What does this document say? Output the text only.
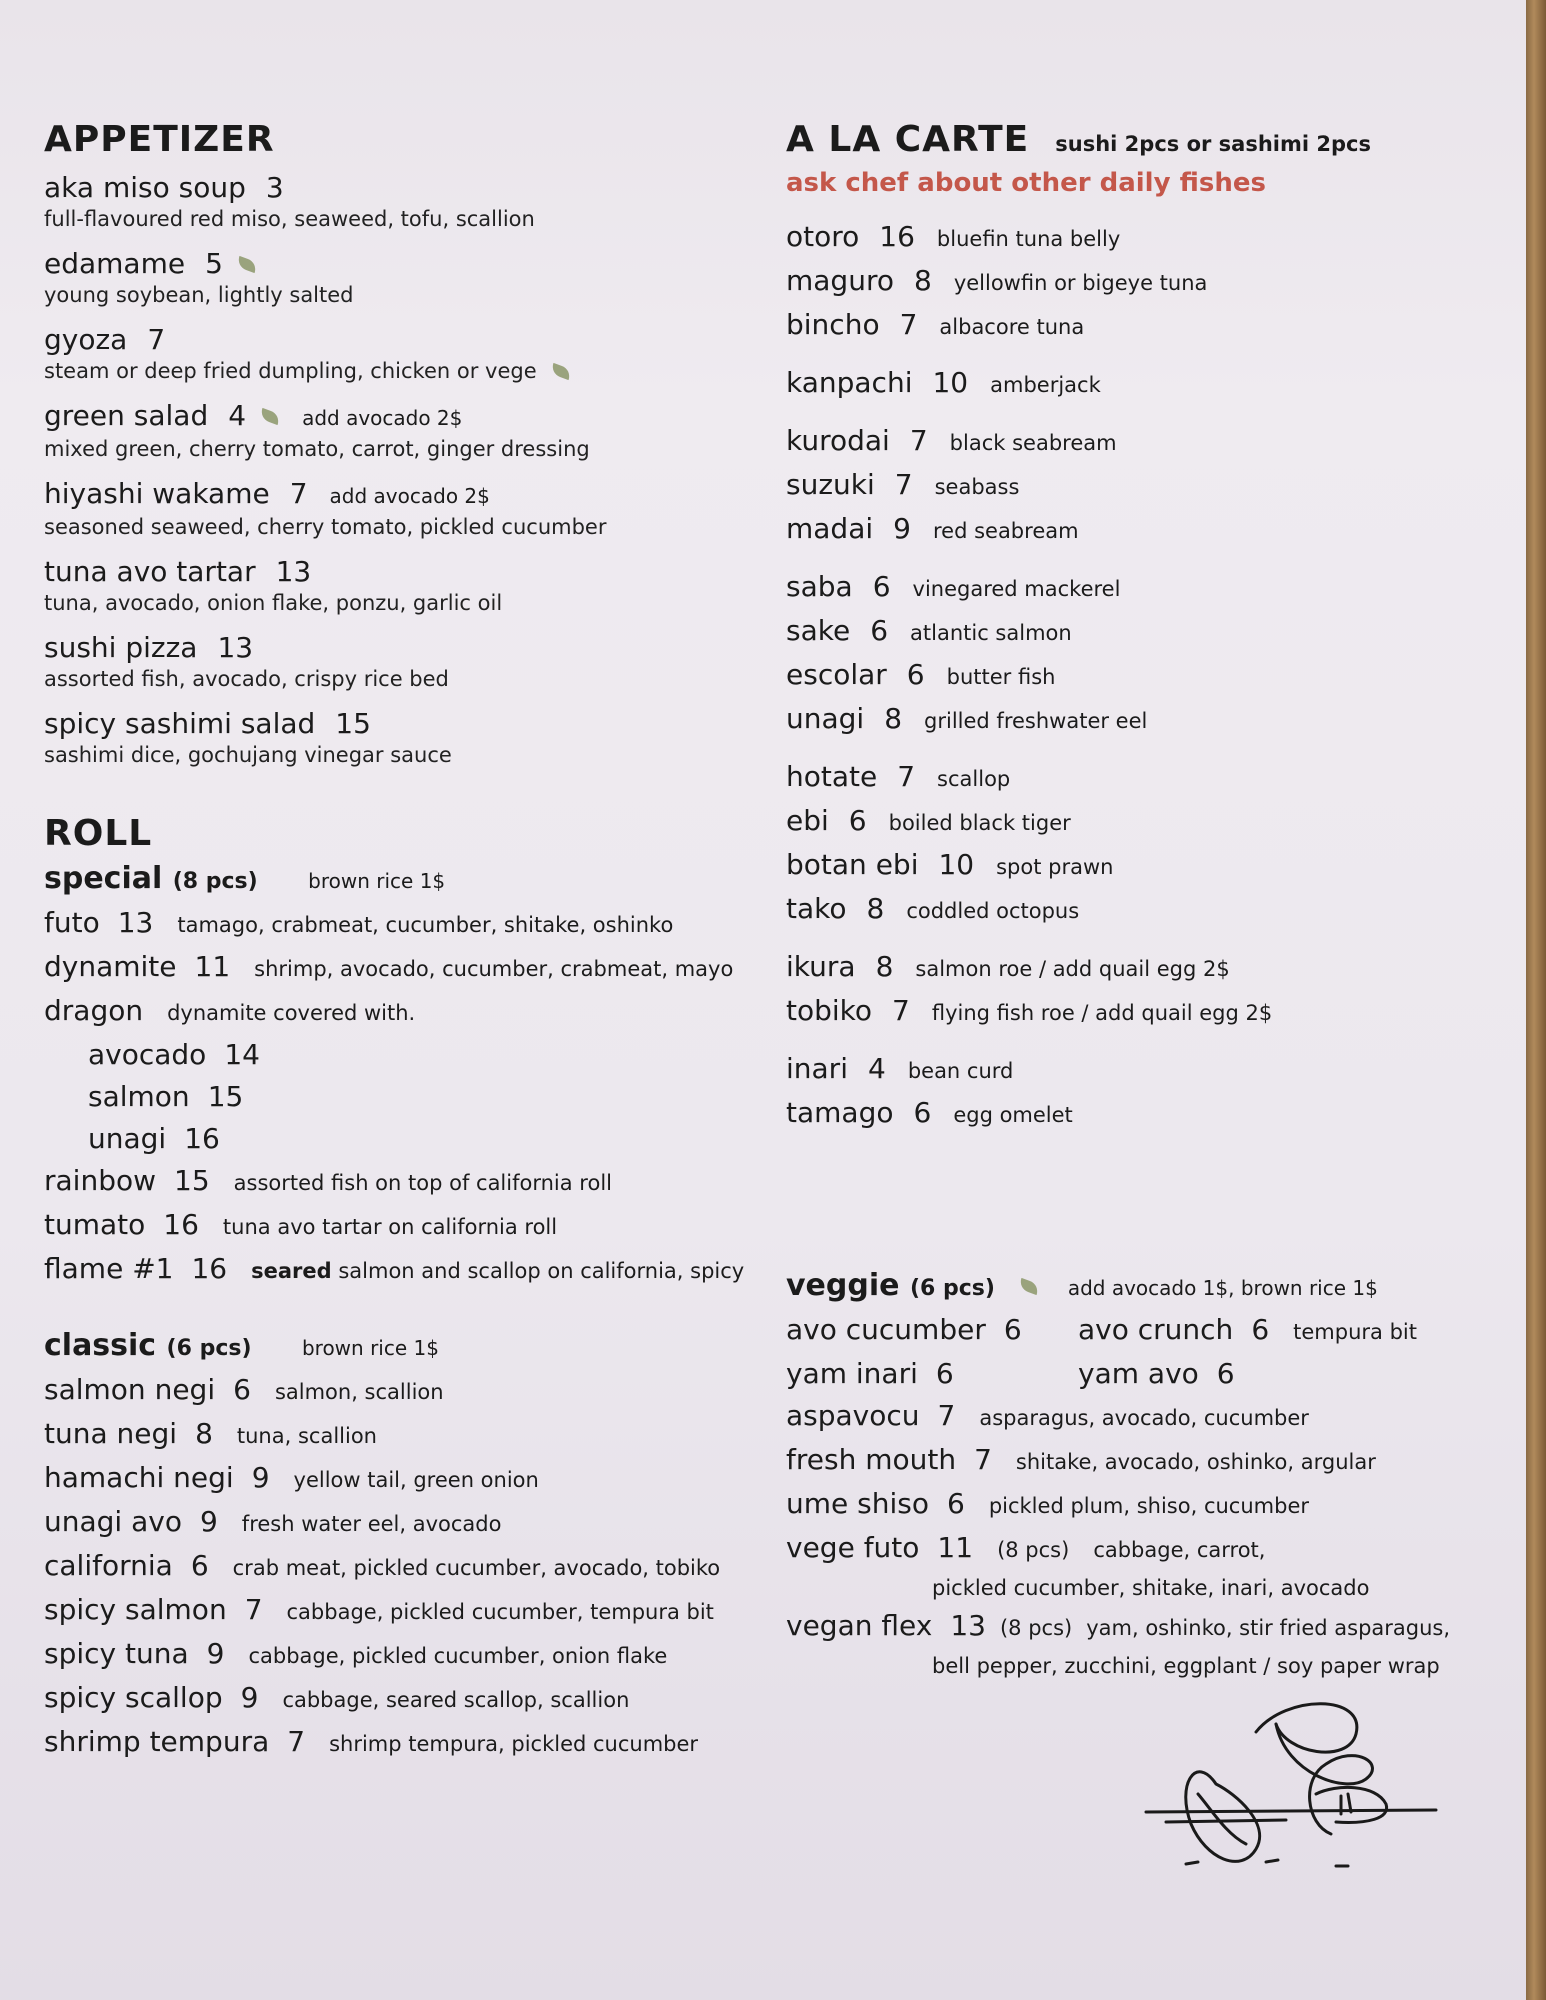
APPETIZER
aka miso soup 3
full-flavoured red miso, seaweed, tofu, scallion
edamame 5
young soybean, lightly salted
gyoza 7
steam or deep fried dumpling, chicken or vege
green salad 4	add avocado 2$
mixed green, cherry tomato, carrot, ginger dressing
hiyashi wakame 7 add avocado 2$
seasoned seaweed, cherry tomato, pickled cucumber
tuna avo tartar 13
tuna, avocado, onion flake, ponzu, garlic oil
sushi pizza 13
assorted fish, avocado, crispy rice bed
spicy sashimi salad 15
sashimi dice, gochujang vinegar sauce
ROLL
special (8 pcs)	brown rice 1$
futo 13 tamago, crabmeat, cucumber, shitake, oshinko
dynamite 11 shrimp, avocado, cucumber, crabmeat, mayo
dragon dynamite covered with.
avocado 14
salmon 15
unagi 16
rainbow 15 assorted fish on top of california roll
tumato 16 tuna avo tartar on california roll
flame #1 16 seared salmon and scallop on california, spicy
classic (6 pcs)	brown rice 1$
salmon negi 6 salmon, scallion
tuna negi 8 tuna, scallion
hamachi negi 9 yellow tail, green onion
unagi avo 9 fresh water eel, avocado
california 6 crab meat, pickled cucumber, avocado, tobiko
spicy salmon 7 cabbage, pickled cucumber, tempura bit
spicy tuna 9 cabbage, pickled cucumber, onion flake
spicy scallop 9 cabbage, seared scallop, scallion
shrimp tempura 7 shrimp tempura, pickled cucumber
A LA CARTE sushi 2pcs or sashimi 2pcs
ask chef about other daily fishes
otoro 16 bluefin tuna belly
maguro 8 yellowfin or bigeye tuna
bincho 7 albacore tuna
kanpachi 10 amberjack
kurodai 7 black seabream
suzuki 7 seabass
madai 9 red seabream
saba 6 vinegared mackerel
sake 6 atlantic salmon
escolar 6 butter fish
unagi 8 grilled freshwater eel
hotate 7 scallop
ebi 6 boiled black tiger
botan ebi 10 spot prawn
tako 8 coddled octopus
ikura 8 salmon roe / add quail egg 2$
tobiko 7 flying fish roe / add quail egg 2$
inari 4 bean curd
tamago 6 egg omelet
veggie (6 pcs)	add avocado 1$, brown rice 1$
avo cucumber 6	avo crunch 6 tempura bit
yam inari 6	yam avo 6
aspavocu 7 asparagus, avocado, cucumber
fresh mouth 7 shitake, avocado, oshinko, argular
ume shiso 6 pickled plum, shiso, cucumber
vege futo 11 (8 pcs) cabbage, carrot,
pickled cucumber, shitake, inari, avocado
vegan flex 13 (8 pcs) yam, oshinko, stir fried asparagus,
bell pepper, zucchini, eggplant / soy paper wrap
